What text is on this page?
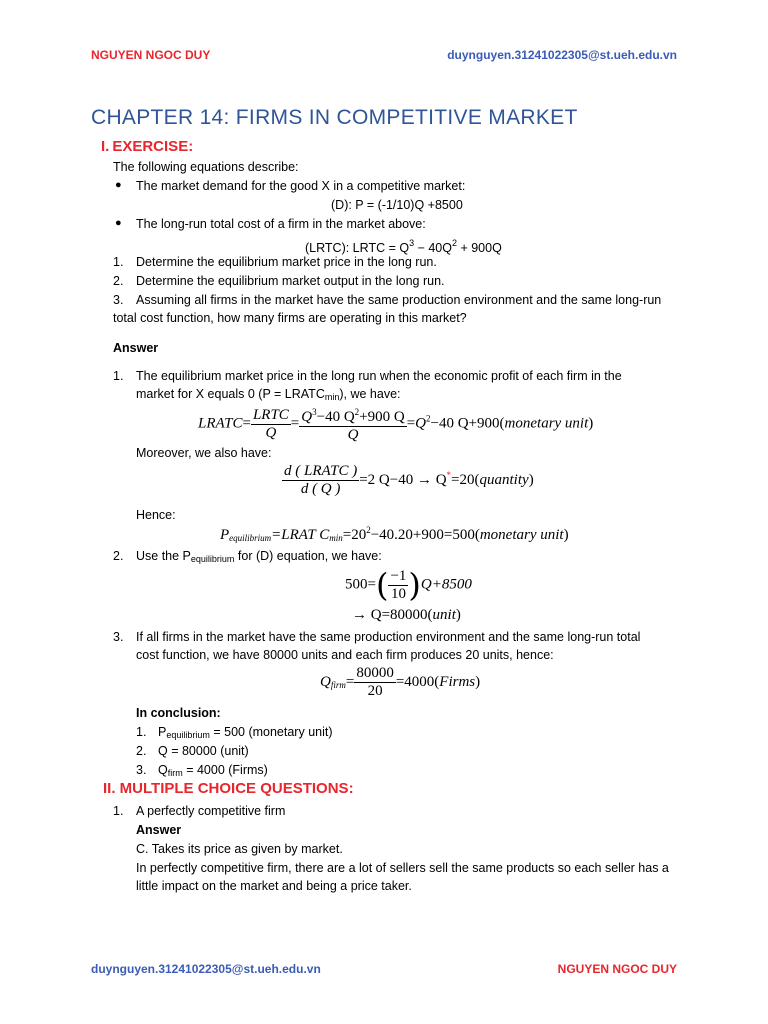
NGUYEN NGOC DUY	duynguyen.31241022305@st.ueh.edu.vn
CHAPTER 14: FIRMS IN COMPETITIVE MARKET
I. EXERCISE:
The following equations describe:
● The market demand for the good X in a competitive market:
(D): P = (-1/10)Q +8500
● The long-run total cost of a firm in the market above:
(LRTC): LRTC = $Q^3 - 40Q^2 + 900Q$
1. Determine the equilibrium market price in the long run.
2. Determine the equilibrium market output in the long run.
3. Assuming all firms in the market have the same production environment and the same long-run
total cost function, how many firms are operating in this market?
Answer
1. The equilibrium market price in the long run when the economic profit of each firm in the
market for X equals 0 $(P = LRATC_{min})$, we have:
LRATC= $\frac{\text{LRTC}}{Q} = \frac{Q^3-40 Q^2+900 Q}{Q} =Q^2-40$ Q+900(monetary unit)
Moreover, we also have:
$\frac{\text{d ( LRATC )}}{d ( Q )} =2$ Q−40 → Q*=20(quantity)
Hence:
$P_{equilibrium}=LRAT$ $C_{min}=20^2-40.20+900=500(monetary$ unit)
2. Use the $P_{equilibrium}$ for (D) equation, we have:
$500=( \frac{-1}{10} )Q+8500$
→ Q=80000(unit)
3. If all firms in the market have the same production environment and the same long-run total
cost function, we have 80000 units and each firm produces 20 units, hence:
$Q_{firm}= \frac{80000}{20}$ =4000(Firms)
In conclusion:
1. $P_{equilibrium} = 500$ (monetary unit)
2. Q = 80000 (unit)
3. $Q_{firm} = 4000$ (Firms)
II. MULTIPLE CHOICE QUESTIONS:
1. A perfectly competitive firm
Answer
C. Takes its price as given by market.
In perfectly competitive firm, there are a lot of sellers sell the same products so each seller has a
little impact on the market and being a price taker.
duynguyen.31241022305@st.ueh.edu.vn	NGUYEN NGOC DUY
